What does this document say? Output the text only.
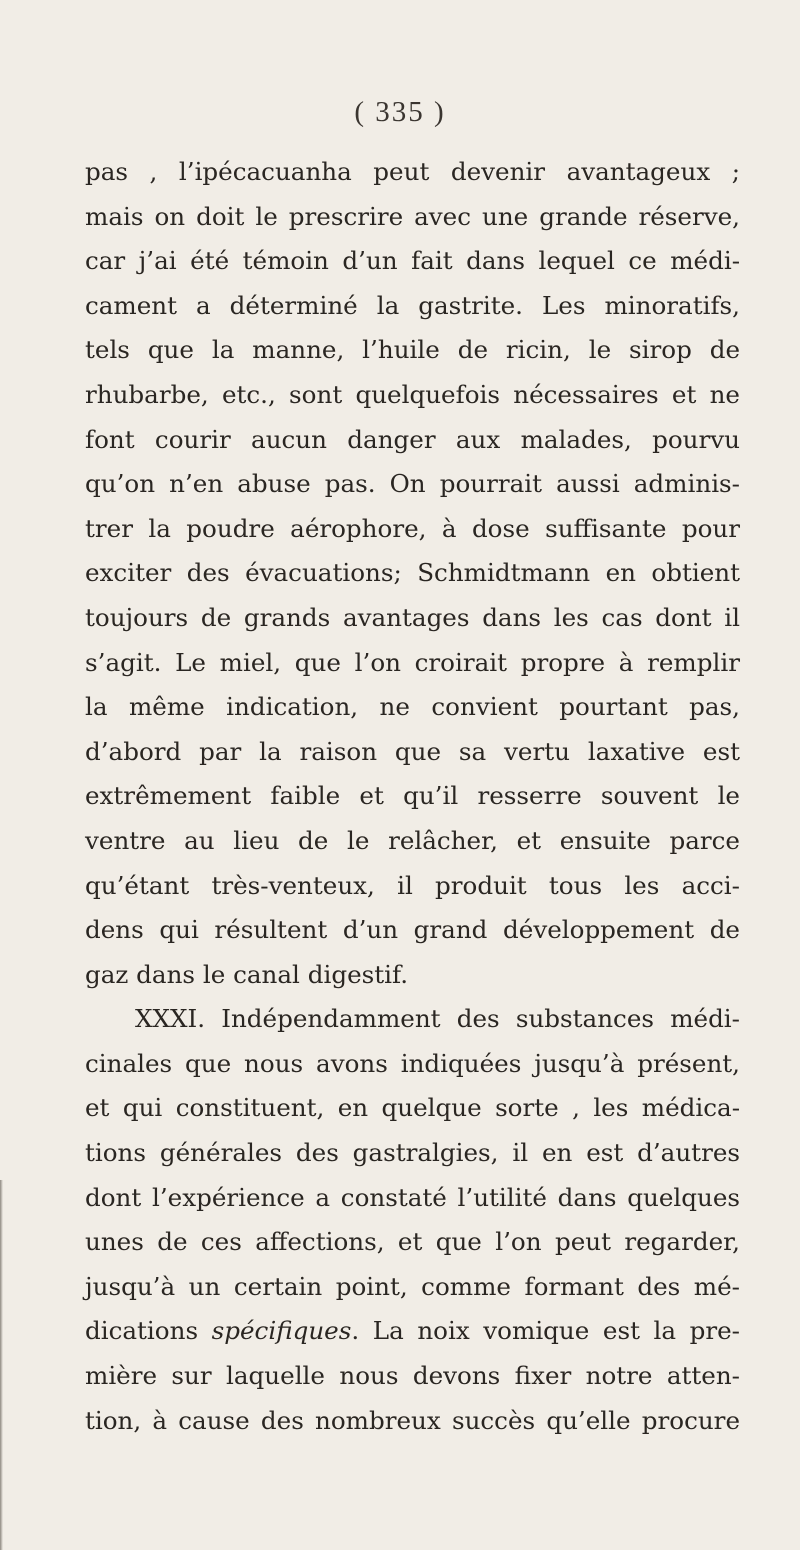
( 335 )
pas , l’ipécacuanha peut devenir avantageux ;
mais on doit le prescrire avec une grande réserve,
car j’ai été témoin d’un fait dans lequel ce médi-
cament a déterminé la gastrite. Les minoratifs,
tels que la manne, l’huile de ricin, le sirop de
rhubarbe, etc., sont quelquefois nécessaires et ne
font courir aucun danger aux malades, pourvu
qu’on n’en abuse pas. On pourrait aussi adminis-
trer la poudre aérophore, à dose suffisante pour
exciter des évacuations; Schmidtmann en obtient
toujours de grands avantages dans les cas dont il
s’agit. Le miel, que l’on croirait propre à remplir
la même indication, ne convient pourtant pas,
d’abord par la raison que sa vertu laxative est
extrêmement faible et qu’il resserre souvent le
ventre au lieu de le relâcher, et ensuite parce
qu’étant très-venteux, il produit tous les acci-
dens qui résultent d’un grand développement de
gaz dans le canal digestif.
XXXI. Indépendamment des substances médi-
cinales que nous avons indiquées jusqu’à présent,
et qui constituent, en quelque sorte , les médica-
tions générales des gastralgies, il en est d’autres
dont l’expérience a constaté l’utilité dans quelques
unes de ces affections, et que l’on peut regarder,
jusqu’à un certain point, comme formant des mé-
dications spécifiques. La noix vomique est la pre-
mière sur laquelle nous devons fixer notre atten-
tion, à cause des nombreux succès qu’elle procure
